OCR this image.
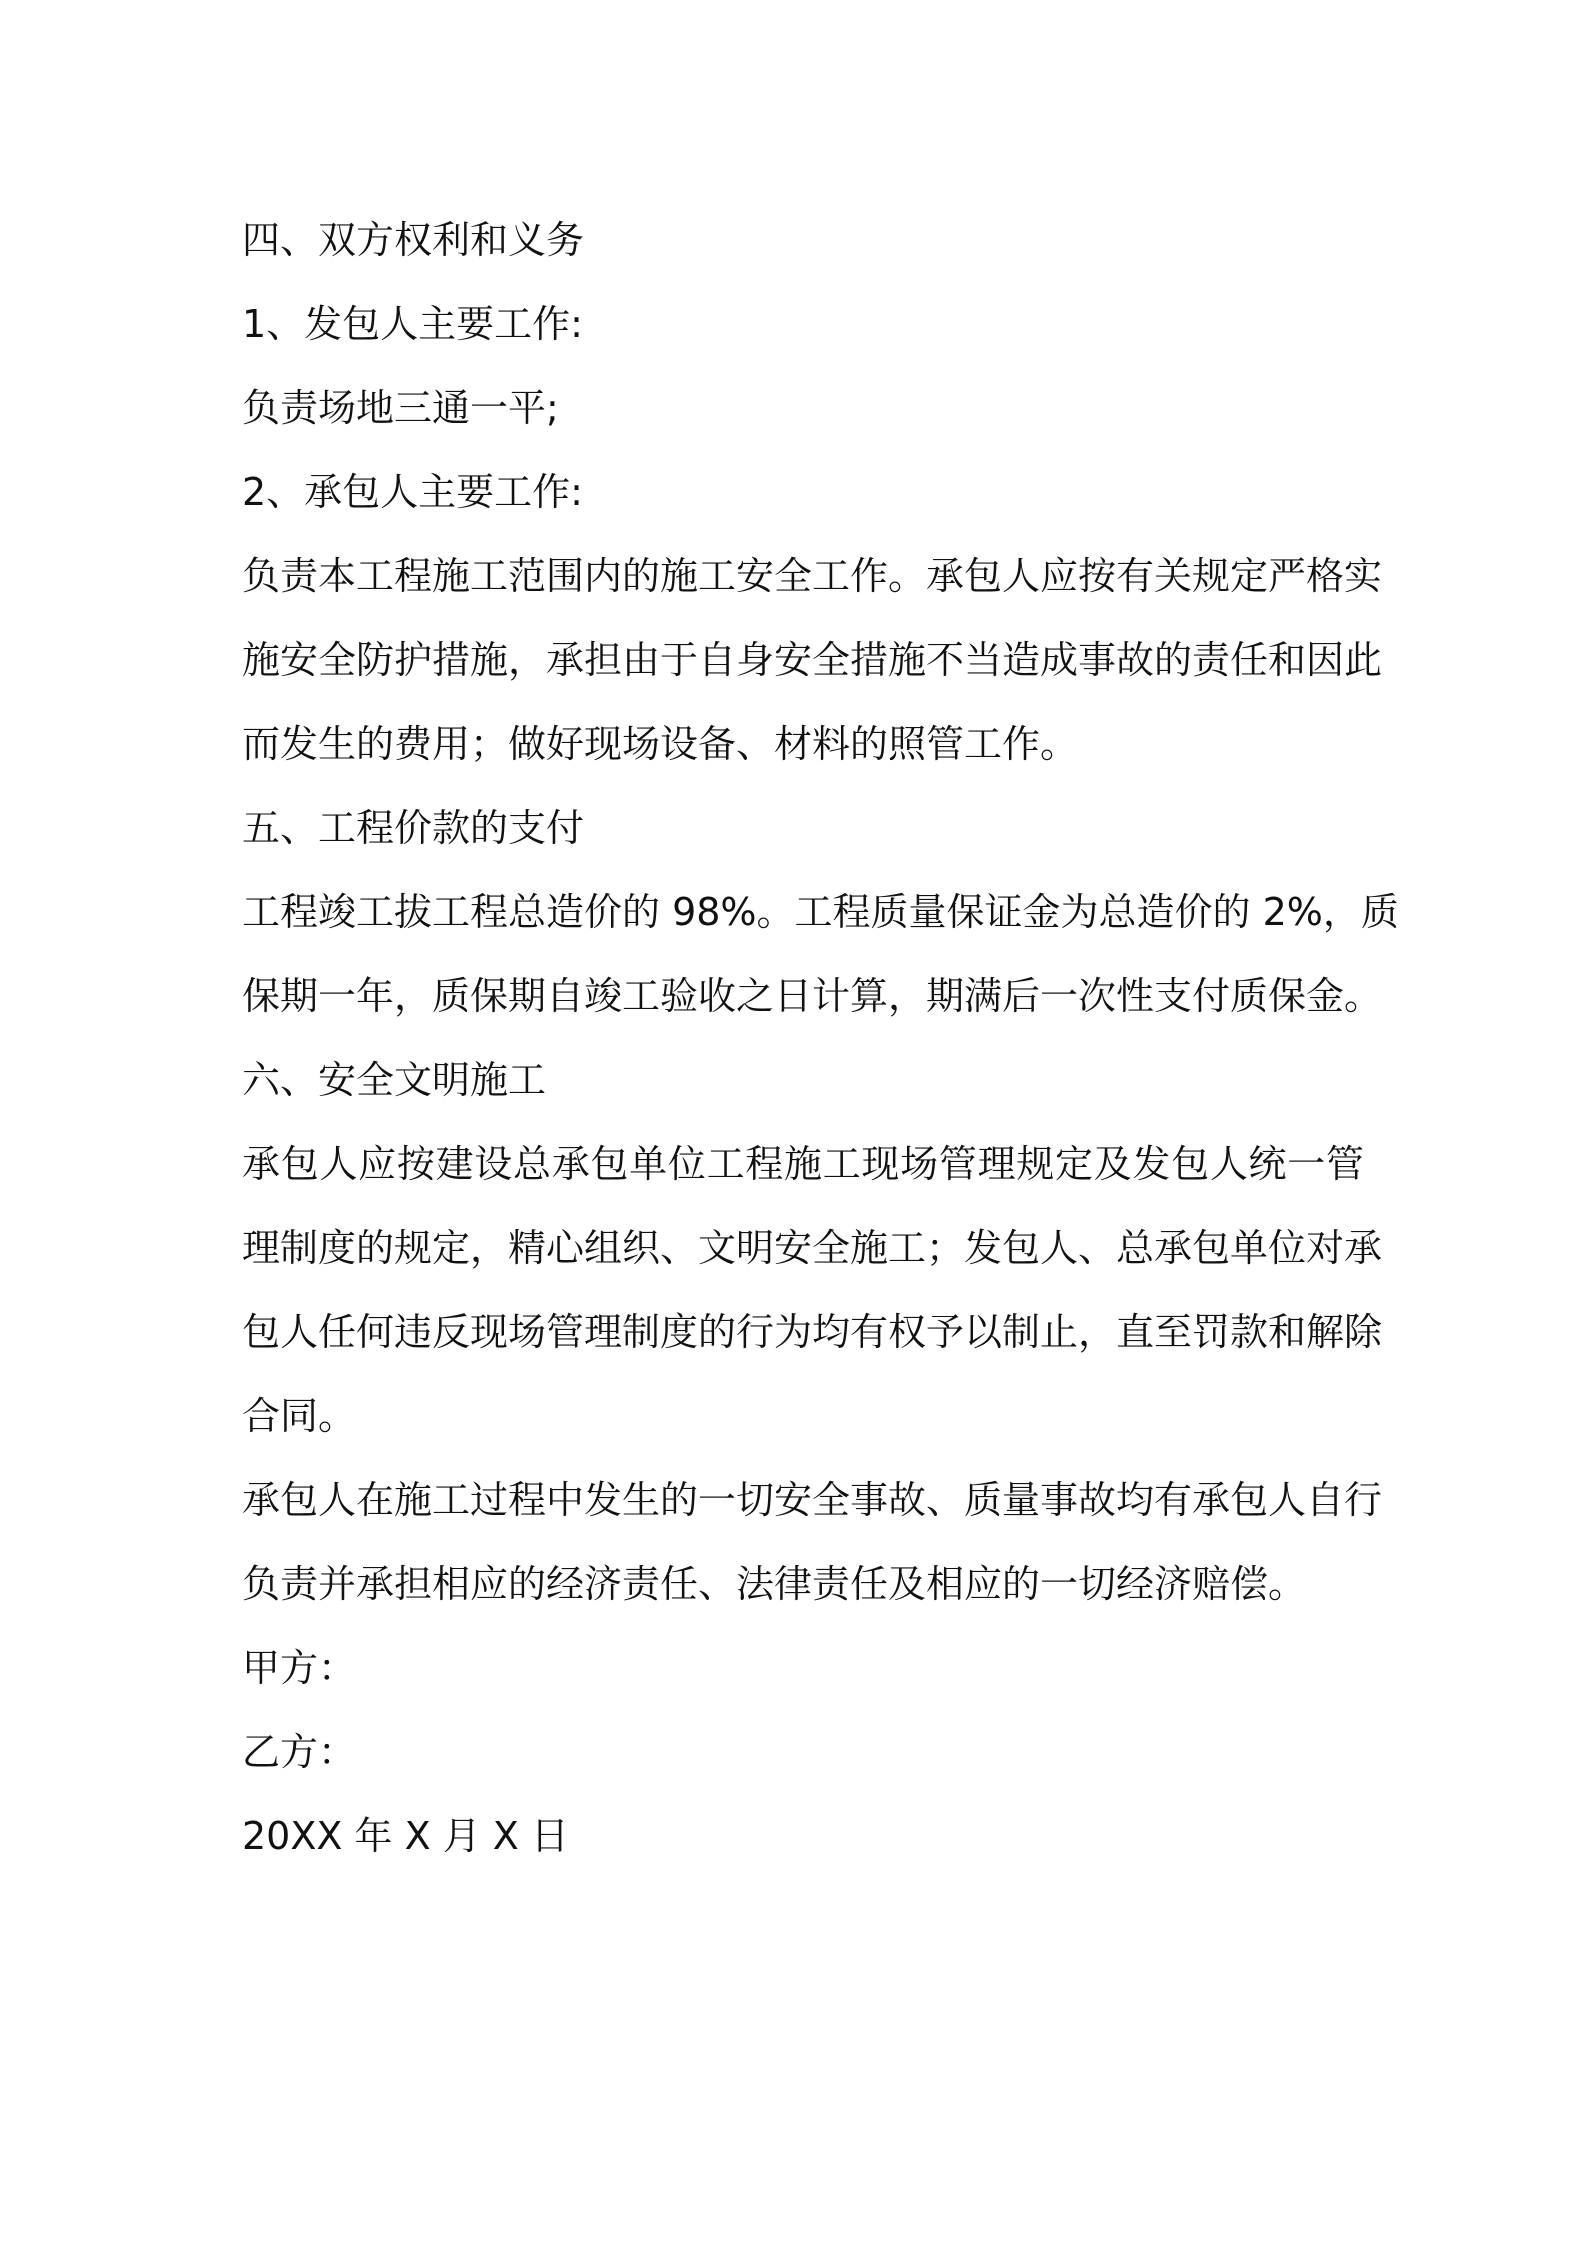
四、双方权利和义务
1、发包人主要工作:
负责场地三通一平;
2、承包人主要工作:
负责本工程施工范围内的施工安全工作。承包人应按有关规定严格实
施安全防护措施，承担由于自身安全措施不当造成事故的责任和因此
而发生的费用；做好现场设备、材料的照管工作。
五、工程价款的支付
工程竣工拔工程总造价的 98%。工程质量保证金为总造价的 2%，质
保期一年，质保期自竣工验收之日计算，期满后一次性支付质保金。
六、安全文明施工
承包人应按建设总承包单位工程施工现场管理规定及发包人统一管
理制度的规定，精心组织、文明安全施工；发包人、总承包单位对承
包人任何违反现场管理制度的行为均有权予以制止，直至罚款和解除
合同。
承包人在施工过程中发生的一切安全事故、质量事故均有承包人自行
负责并承担相应的经济责任、法律责任及相应的一切经济赔偿。
甲方：
乙方：
20XX 年 X 月 X 日
